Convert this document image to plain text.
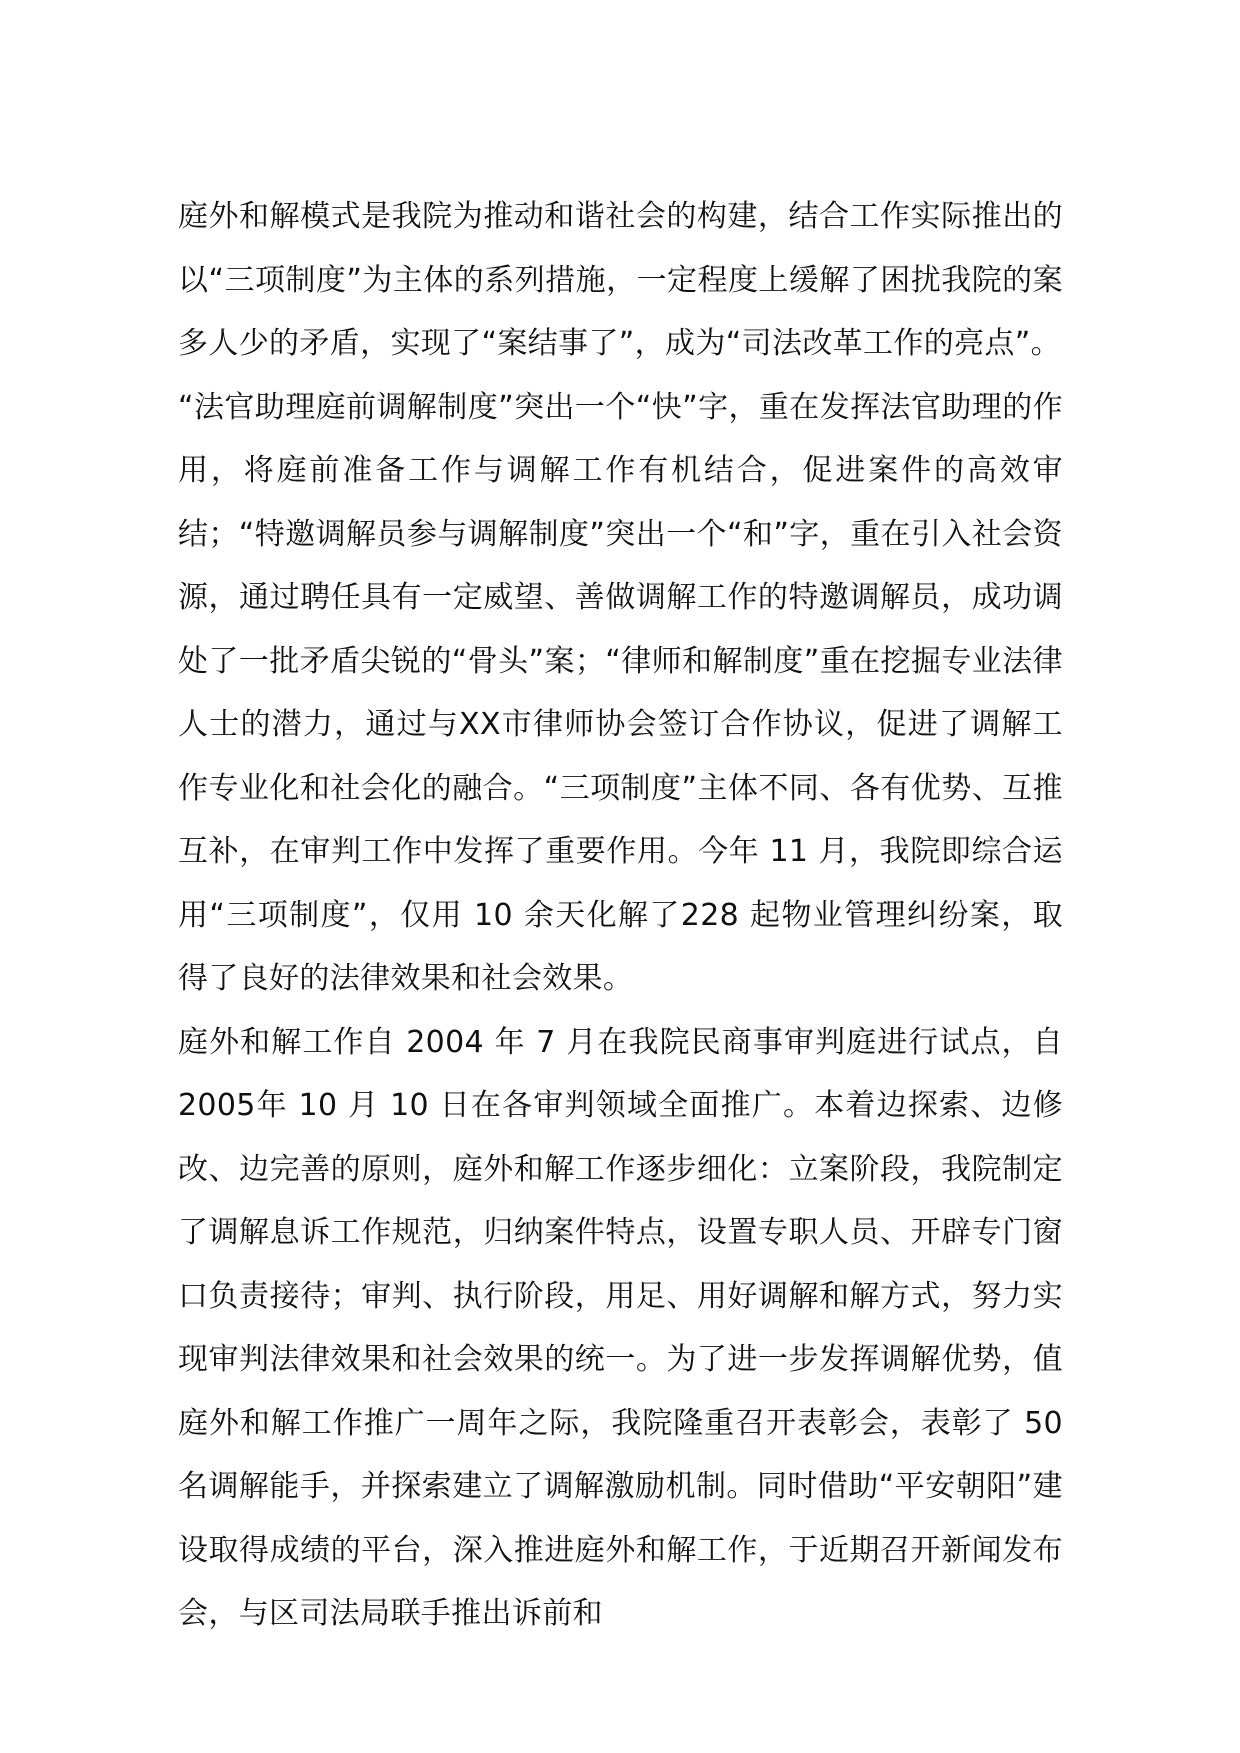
庭外和解模式是我院为推动和谐社会的构建，结合工作实际推出的以“三项制度”为主体的系列措施，一定程度上缓解了困扰我院的案多人少的矛盾，实现了“案结事了”，成为“司法改革工作的亮点”。

“法官助理庭前调解制度”突出一个“快”字，重在发挥法官助理的作用，将庭前准备工作与调解工作有机结合，促进案件的高效审结；“特邀调解员参与调解制度”突出一个“和”字，重在引入社会资源，通过聘任具有一定威望、善做调解工作的特邀调解员，成功调处了一批矛盾尖锐的“骨头”案；“律师和解制度”重在挖掘专业法律人士的潜力，通过与XX市律师协会签订合作协议，促进了调解工作专业化和社会化的融合。“三项制度”主体不同、各有优势、互推互补，在审判工作中发挥了重要作用。今年 11 月，我院即综合运用“三项制度”，仅用 10 余天化解了228 起物业管理纠纷案，取得了良好的法律效果和社会效果。

庭外和解工作自 2004 年 7 月在我院民商事审判庭进行试点，自 2005年 10 月 10 日在各审判领域全面推广。本着边探索、边修改、边完善的原则，庭外和解工作逐步细化：立案阶段，我院制定了调解息诉工作规范，归纳案件特点，设置专职人员、开辟专门窗口负责接待；审判、执行阶段，用足、用好调解和解方式，努力实现审判法律效果和社会效果的统一。为了进一步发挥调解优势，值庭外和解工作推广一周年之际，我院隆重召开表彰会，表彰了 50 名调解能手，并探索建立了调解激励机制。同时借助“平安朝阳”建设取得成绩的平台，深入推进庭外和解工作，于近期召开新闻发布会，与区司法局联手推出诉前和
